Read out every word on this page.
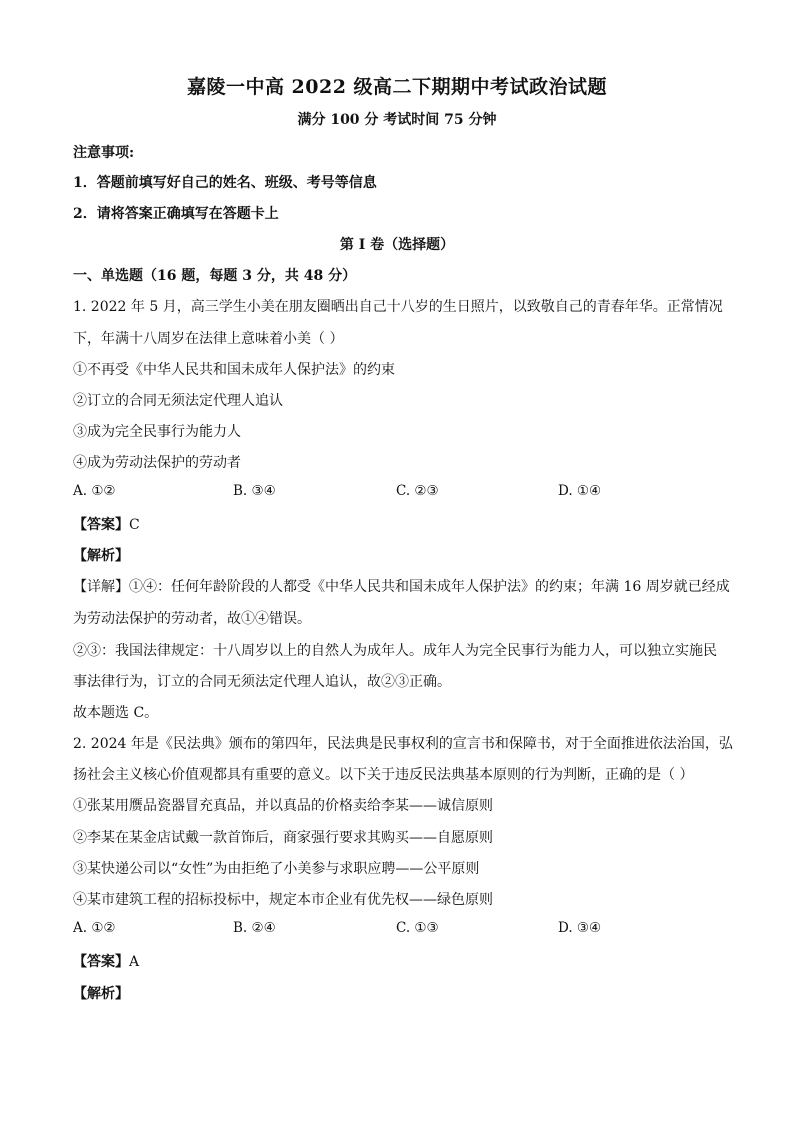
嘉陵一中高 2022 级高二下期期中考试政治试题
满分 100 分 考试时间 75 分钟
注意事项:
1．答题前填写好自己的姓名、班级、考号等信息
2．请将答案正确填写在答题卡上
第 I 卷（选择题）
一、单选题（16 题，每题 3 分，共 48 分）
1. 2022 年 5 月，高三学生小美在朋友圈晒出自己十八岁的生日照片，以致敬自己的青春年华。正常情况
下，年满十八周岁在法律上意味着小美（ ）
①不再受《中华人民共和国未成年人保护法》的约束
②订立的合同无须法定代理人追认
③成为完全民事行为能力人
④成为劳动法保护的劳动者
A. ①②	B. ③④	C. ②③	D. ①④
【答案】C
【解析】
【详解】①④：任何年龄阶段的人都受《中华人民共和国未成年人保护法》的约束；年满 16 周岁就已经成
为劳动法保护的劳动者，故①④错误。
②③：我国法律规定：十八周岁以上的自然人为成年人。成年人为完全民事行为能力人，可以独立实施民
事法律行为，订立的合同无须法定代理人追认，故②③正确。
故本题选 C。
2. 2024 年是《民法典》颁布的第四年，民法典是民事权利的宣言书和保障书，对于全面推进依法治国，弘
扬社会主义核心价值观都具有重要的意义。以下关于违反民法典基本原则的行为判断，正确的是（ ）
①张某用赝品瓷器冒充真品，并以真品的价格卖给李某——诚信原则
②李某在某金店试戴一款首饰后，商家强行要求其购买——自愿原则
③某快递公司以“女性”为由拒绝了小美参与求职应聘——公平原则
④某市建筑工程的招标投标中，规定本市企业有优先权——绿色原则
A. ①②	B. ②④	C. ①③	D. ③④
【答案】A
【解析】
